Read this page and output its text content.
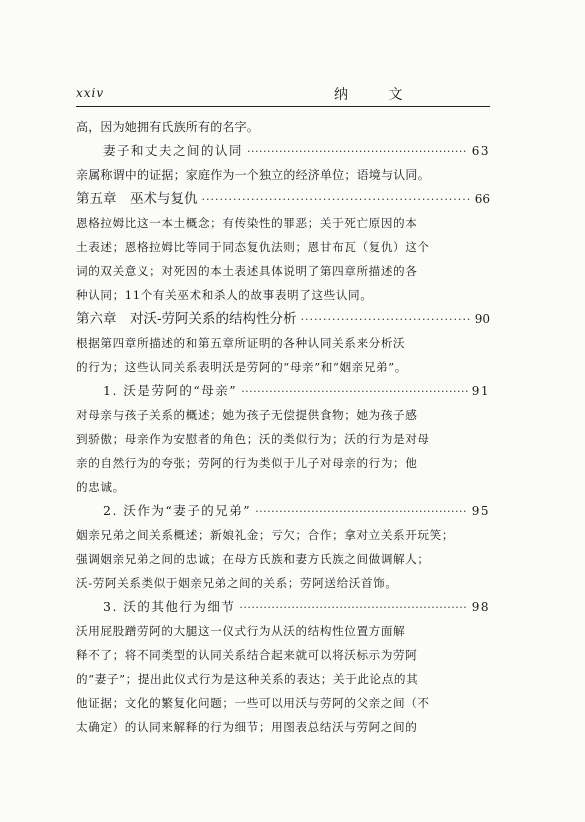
xxiv	纳 文
高，因为她拥有氏族所有的名字。
妻子和丈夫之间的认同 ·····	63
亲属称谓中的证据；家庭作为一个独立的经济单位；语境与认同。
第五章　巫术与复仇 ·····	66
恩格拉姆比这一本土概念；有传染性的罪恶；关于死亡原因的本
土表述；恩格拉姆比等同于同态复仇法则；恩甘布瓦（复仇）这个
词的双关意义；对死因的本土表述具体说明了第四章所描述的各
种认同；11个有关巫术和杀人的故事表明了这些认同。
第六章　对沃-劳阿关系的结构性分析 ·····	90
根据第四章所描述的和第五章所证明的各种认同关系来分析沃
的行为；这些认同关系表明沃是劳阿的“母亲”和“姻亲兄弟”。
1. 沃是劳阿的“母亲” ·····	91
对母亲与孩子关系的概述；她为孩子无偿提供食物；她为孩子感
到骄傲；母亲作为安慰者的角色；沃的类似行为；沃的行为是对母
亲的自然行为的夸张；劳阿的行为类似于儿子对母亲的行为；他
的忠诚。
2. 沃作为“妻子的兄弟” ·····	95
姻亲兄弟之间关系概述；新娘礼金；亏欠；合作；拿对立关系开玩笑；
强调姻亲兄弟之间的忠诚；在母方氏族和妻方氏族之间做调解人；
沃-劳阿关系类似于姻亲兄弟之间的关系；劳阿送给沃首饰。
3. 沃的其他行为细节 ·····	98
沃用屁股蹭劳阿的大腿这一仪式行为从沃的结构性位置方面解
释不了；将不同类型的认同关系结合起来就可以将沃标示为劳阿
的“妻子”；提出此仪式行为是这种关系的表达；关于此论点的其
他证据；文化的繁复化问题；一些可以用沃与劳阿的父亲之间（不
太确定）的认同来解释的行为细节；用图表总结沃与劳阿之间的
